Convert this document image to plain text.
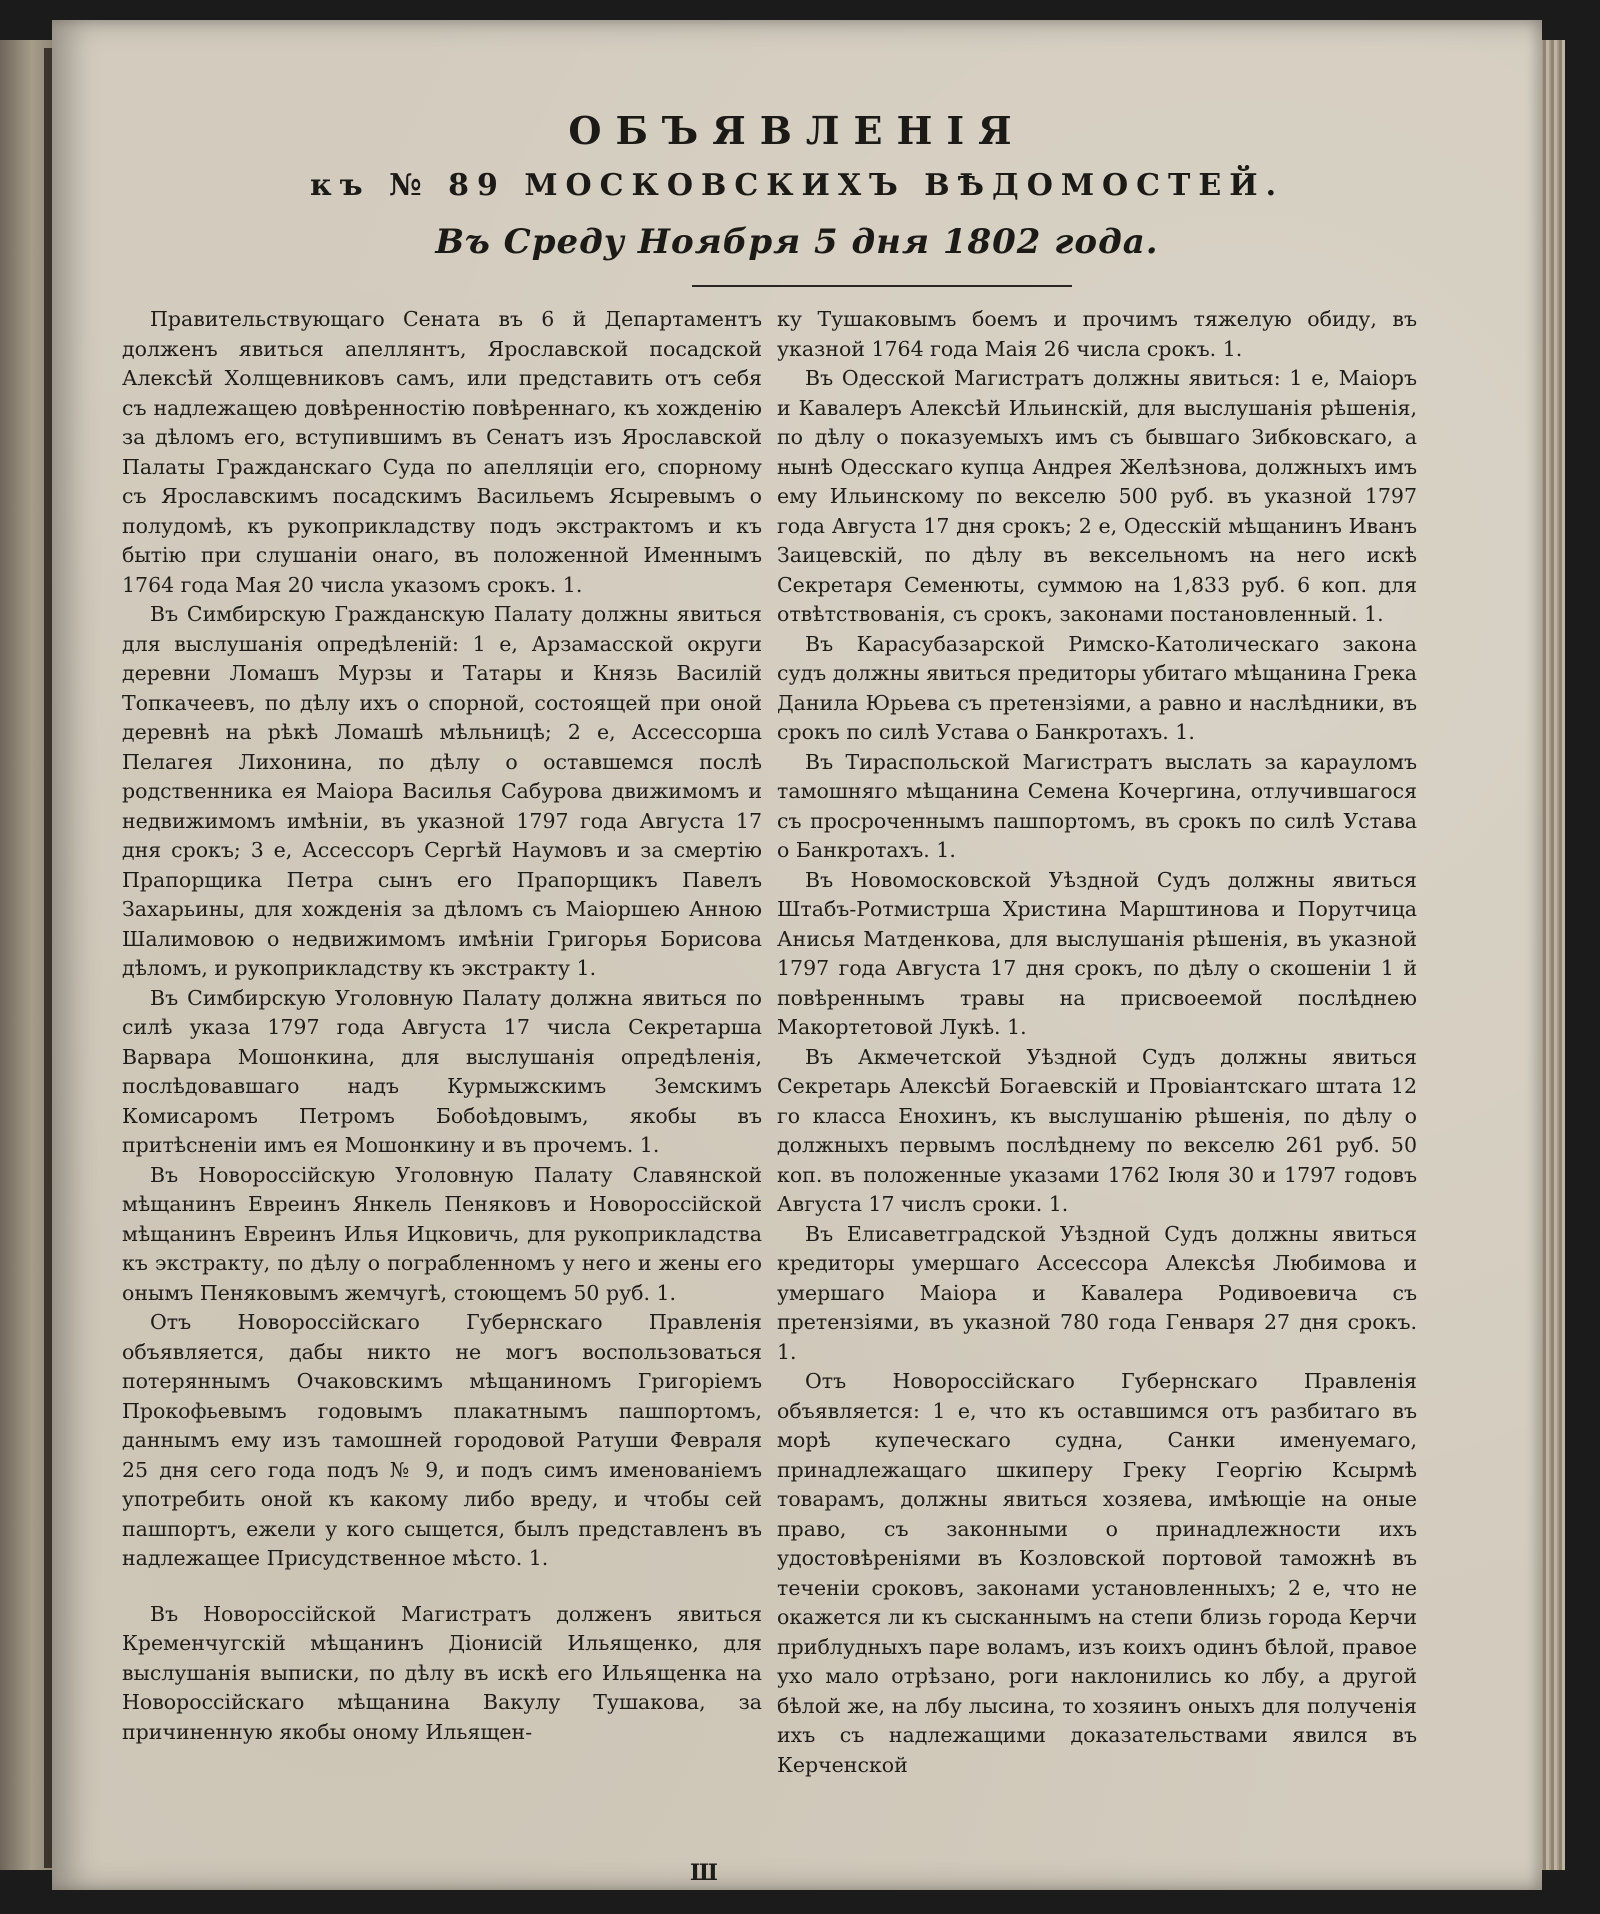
ОБЪЯВЛЕНІЯ
къ № 89 МОСКОВСКИХЪ ВѢДОМОСТЕЙ.
Въ Среду Ноября 5 дня 1802 года.

Правительствующаго Сената въ 6 й Департаментъ долженъ явиться апеллянтъ, Ярославской посадской Алексѣй Холщевниковъ самъ, или представить отъ себя съ надлежащею довѣренностію повѣреннаго, къ хожденію за дѣломъ его, вступившимъ въ Сенатъ изъ Ярославской Палаты Гражданскаго Суда по апелляціи его, спорному съ Ярославскимъ посадскимъ Васильемъ Ясыревымъ о полудомѣ, къ рукоприкладству подъ экстрактомъ и къ бытію при слушаніи онаго, въ положенной Именнымъ 1764 года Мая 20 числа указомъ срокъ. 1.

Въ Симбирскую Гражданскую Палату должны явиться для выслушанія опредѣленій: 1 е, Арзамасской округи деревни Ломашъ Мурзы и Татары и Князь Василій Топкачеевъ, по дѣлу ихъ о спорной, состоящей при оной деревнѣ на рѣкѣ Ломашѣ мѣльницѣ; 2 е, Ассессорша Пелагея Лихонина, по дѣлу о оставшемся послѣ родственника ея Маіора Василья Сабурова движимомъ и недвижимомъ имѣніи, въ указной 1797 года Августа 17 дня срокъ; 3 е, Ассессоръ Сергѣй Наумовъ и за смертію Прапорщика Петра сынъ его Прапорщикъ Павелъ Захарьины, для хожденія за дѣломъ съ Маіоршею Анною Шалимовою о недвижимомъ имѣніи Григорья Борисова дѣломъ, и рукоприкладству къ экстракту 1.

Въ Симбирскую Уголовную Палату должна явиться по силѣ указа 1797 года Августа 17 числа Секретарша Варвара Мошонкина, для выслушанія опредѣленія, послѣдовавшаго надъ Курмыжскимъ Земскимъ Комисаромъ Петромъ Бобоѣдовымъ, якобы въ притѣсненіи имъ ея Мошонкину и въ прочемъ. 1.

Въ Новороссійскую Уголовную Палату Славянской мѣщанинъ Евреинъ Янкель Пеняковъ и Новороссійской мѣщанинъ Евреинъ Илья Ицковичь, для рукоприкладства къ экстракту, по дѣлу о пограбленномъ у него и жены его онымъ Пеняковымъ жемчугѣ, стоющемъ 50 руб. 1.

Отъ Новороссійскаго Губернскаго Правленія объявляется, дабы никто не могъ воспользоваться потеряннымъ Очаковскимъ мѣщаниномъ Григоріемъ Прокофьевымъ годовымъ плакатнымъ пашпортомъ, даннымъ ему изъ тамошней городовой Ратуши Февраля 25 дня сего года подъ № 9, и подъ симъ именованіемъ употребить оной къ какому либо вреду, и чтобы сей пашпортъ, ежели у кого сыщется, былъ представленъ въ надлежащее Присудственное мѣсто. 1.

Въ Новороссійской Магистратъ долженъ явиться Кременчугскій мѣщанинъ Діонисій Ильященко, для выслушанія выписки, по дѣлу въ искѣ его Ильященка на Новороссійскаго мѣщанина Вакулу Тушакова, за причиненную якобы оному Ильящен-

ку Тушаковымъ боемъ и прочимъ тяжелую обиду, въ указной 1764 года Маія 26 числа срокъ. 1.

Въ Одесской Магистратъ должны явиться: 1 е, Маіоръ и Кавалеръ Алексѣй Ильинскій, для выслушанія рѣшенія, по дѣлу о показуемыхъ имъ съ бывшаго Зибковскаго, а нынѣ Одесскаго купца Андрея Желѣзнова, должныхъ имъ ему Ильинскому по векселю 500 руб. въ указной 1797 года Августа 17 дня срокъ; 2 е, Одесскій мѣщанинъ Иванъ Заицевскій, по дѣлу въ вексельномъ на него искѣ Секретаря Семенюты, суммою на 1,833 руб. 6 коп. для отвѣтствованія, съ срокъ, законами постановленный. 1.

Въ Карасубазарской Римско-Католическаго закона судъ должны явиться предиторы убитаго мѣщанина Грека Данила Юрьева съ претензіями, а равно и наслѣдники, въ срокъ по силѣ Устава о Банкротахъ. 1.

Въ Тираспольской Магистратъ выслать за карауломъ тамошняго мѣщанина Семена Кочергина, отлучившагося съ просроченнымъ пашпортомъ, въ срокъ по силѣ Устава о Банкротахъ. 1.

Въ Новомосковской Уѣздной Судъ должны явиться Штабъ-Ротмистрша Христина Марштинова и Порутчица Анисья Матденкова, для выслушанія рѣшенія, въ указной 1797 года Августа 17 дня срокъ, по дѣлу о скошеніи 1 й повѣреннымъ травы на присвоеемой послѣднею Макортетовой Лукѣ. 1.

Въ Акмечетской Уѣздной Судъ должны явиться Секретарь Алексѣй Богаевскій и Провіантскаго штата 12 го класса Енохинъ, къ выслушанію рѣшенія, по дѣлу о должныхъ первымъ послѣднему по векселю 261 руб. 50 коп. въ положенные указами 1762 Іюля 30 и 1797 годовъ Августа 17 числъ сроки. 1.

Въ Елисаветградской Уѣздной Судъ должны явиться кредиторы умершаго Ассессора Алексѣя Любимова и умершаго Маіора и Кавалера Родивоевича съ претензіями, въ указной 780 года Генваря 27 дня срокъ. 1.

Отъ Новороссійскаго Губернскаго Правленія объявляется: 1 е, что къ оставшимся отъ разбитаго въ морѣ купеческаго судна, Санки именуемаго, принадлежащаго шкиперу Греку Георгію Ксырмѣ товарамъ, должны явиться хозяева, имѣющіе на оные право, съ законными о принадлежности ихъ удостовѣреніями въ Козловской портовой таможнѣ въ теченіи сроковъ, законами установленныхъ; 2 е, что не окажется ли къ сысканнымъ на степи близь города Керчи приблудныхъ паре воламъ, изъ коихъ одинъ бѣлой, правое ухо мало отрѣзано, роги наклонились ко лбу, а другой бѣлой же, на лбу лысина, то хозяинъ оныхъ для полученія ихъ съ надлежащими доказательствами явился въ Керченской

Ш
